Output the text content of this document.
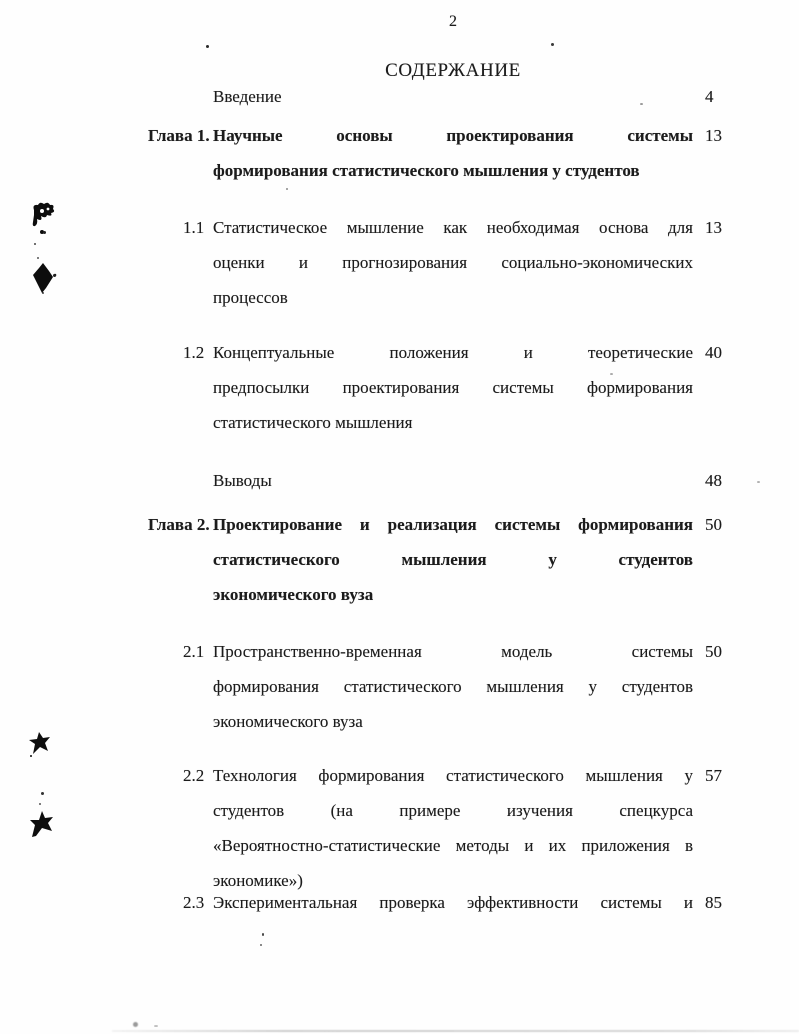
2
СОДЕРЖАНИЕ
Введение	4
Глава 1. Научные основы проектирования системы
формирования статистического мышления у студентов
13
1.1 Статистическое мышление как необходимая основа для
оценки и прогнозирования социально-экономических
процессов
13
1.2 Концептуальные положения и теоретические
предпосылки проектирования системы формирования
статистического мышления
40
Выводы	48
Глава 2. Проектирование и реализация системы формирования
статистического мышления у студентов
экономического вуза
50
2.1 Пространственно-временная модель системы
формирования статистического мышления у студентов
экономического вуза
50
2.2 Технология формирования статистического мышления у
студентов (на примере изучения спецкурса
«Вероятностно-статистические методы и их приложения в
экономике»)
57
2.3 Экспериментальная проверка эффективности системы и 85
